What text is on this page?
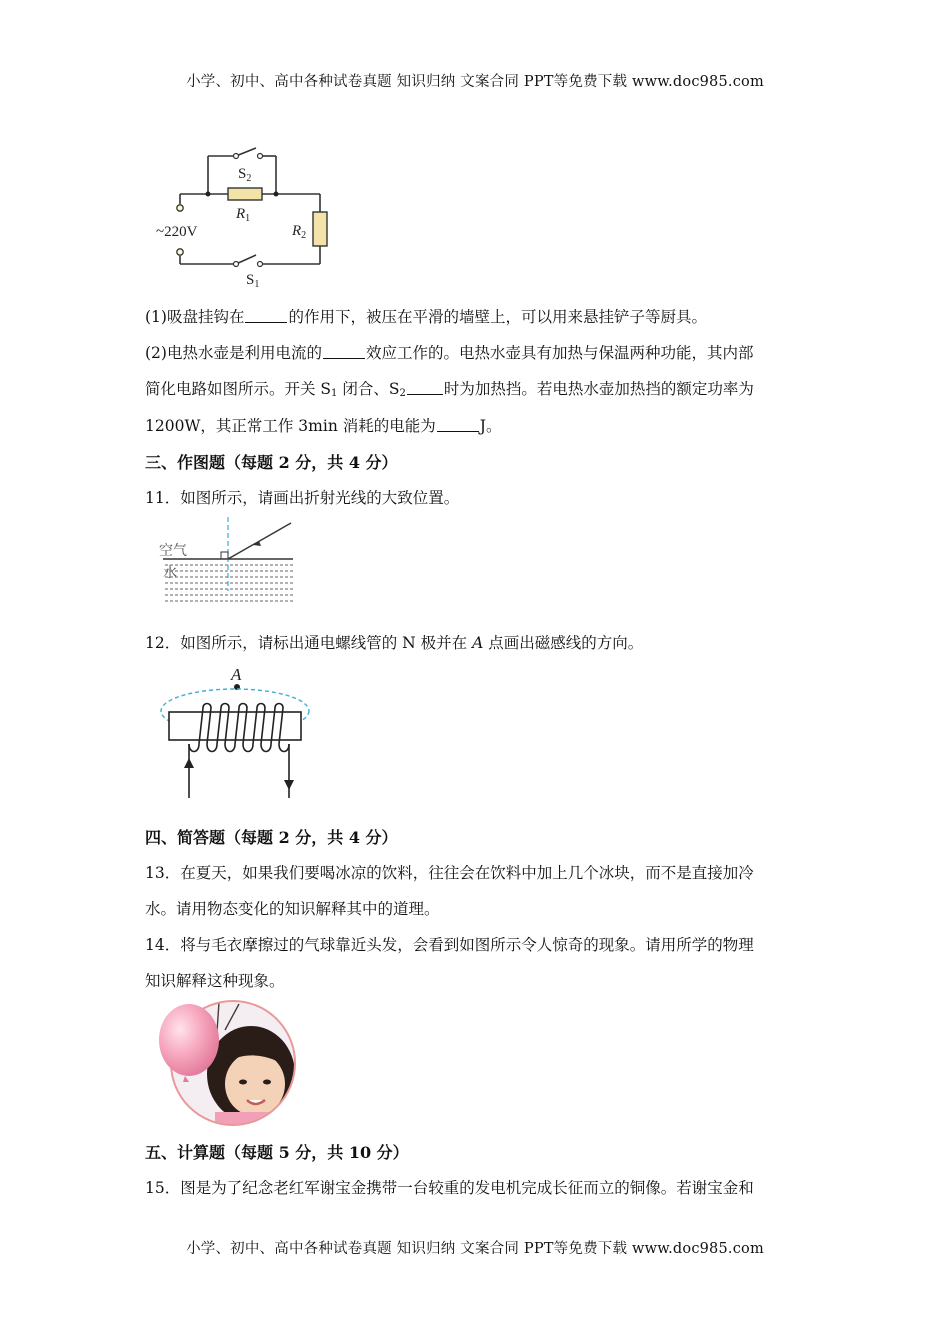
小学、初中、高中各种试卷真题 知识归纳 文案合同 PPT等免费下载 www.doc985.com
$S_2$
$R_1$
$R_2$
~220V
$S_1$
(1)吸盘挂钩在	的作用下，被压在平滑的墙壁上，可以用来悬挂铲子等厨具。
(2)电热水壶是利用电流的	效应工作的。电热水壶具有加热与保温两种功能，其内部
简化电路如图所示。开关 $S_1$ 闭合、$S_2$ 时为加热挡。若电热水壶加热挡的额定功率为
1200W，其正常工作 3min 消耗的电能为	J。
三、作图题（每题 2 分，共 4 分）
11．如图所示，请画出折射光线的大致位置。
空气
水
12．如图所示，请标出通电螺线管的 N 极并在 A 点画出磁感线的方向。
A
四、简答题（每题 2 分，共 4 分）
13．在夏天，如果我们要喝冰凉的饮料，往往会在饮料中加上几个冰块，而不是直接加冷
水。请用物态变化的知识解释其中的道理。
14．将与毛衣摩擦过的气球靠近头发，会看到如图所示令人惊奇的现象。请用所学的物理
知识解释这种现象。
五、计算题（每题 5 分，共 10 分）
15．图是为了纪念老红军谢宝金携带一台较重的发电机完成长征而立的铜像。若谢宝金和
小学、初中、高中各种试卷真题 知识归纳 文案合同 PPT等免费下载 www.doc985.com
